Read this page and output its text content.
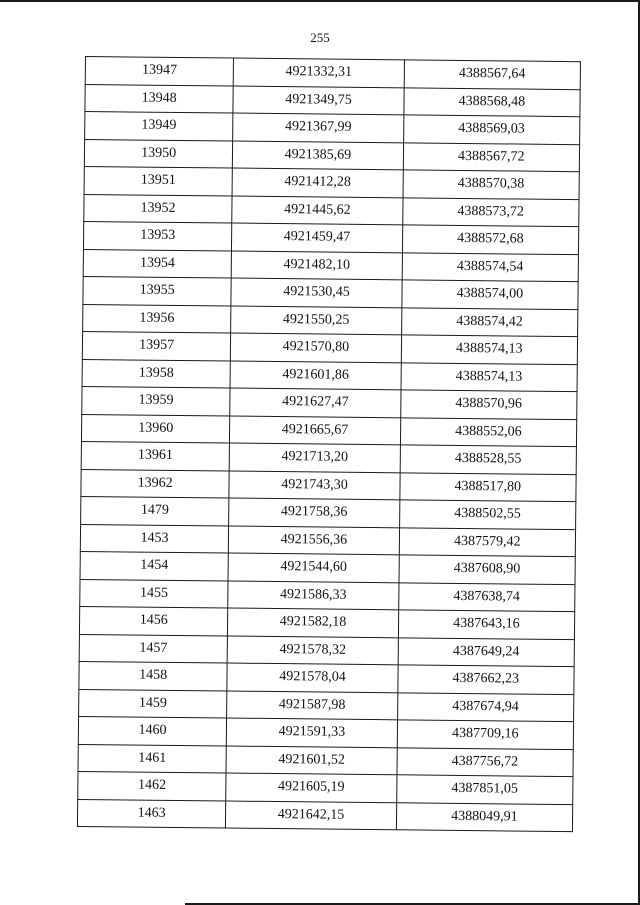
255
13947	4921332,31	4388567,64
13948	4921349,75	4388568,48
13949	4921367,99	4388569,03
13950	4921385,69	4388567,72
13951	4921412,28	4388570,38
13952	4921445,62	4388573,72
13953	4921459,47	4388572,68
13954	4921482,10	4388574,54
13955	4921530,45	4388574,00
13956	4921550,25	4388574,42
13957	4921570,80	4388574,13
13958	4921601,86	4388574,13
13959	4921627,47	4388570,96
13960	4921665,67	4388552,06
13961	4921713,20	4388528,55
13962	4921743,30	4388517,80
1479	4921758,36	4388502,55
1453	4921556,36	4387579,42
1454	4921544,60	4387608,90
1455	4921586,33	4387638,74
1456	4921582,18	4387643,16
1457	4921578,32	4387649,24
1458	4921578,04	4387662,23
1459	4921587,98	4387674,94
1460	4921591,33	4387709,16
1461	4921601,52	4387756,72
1462	4921605,19	4387851,05
1463	4921642,15	4388049,91
